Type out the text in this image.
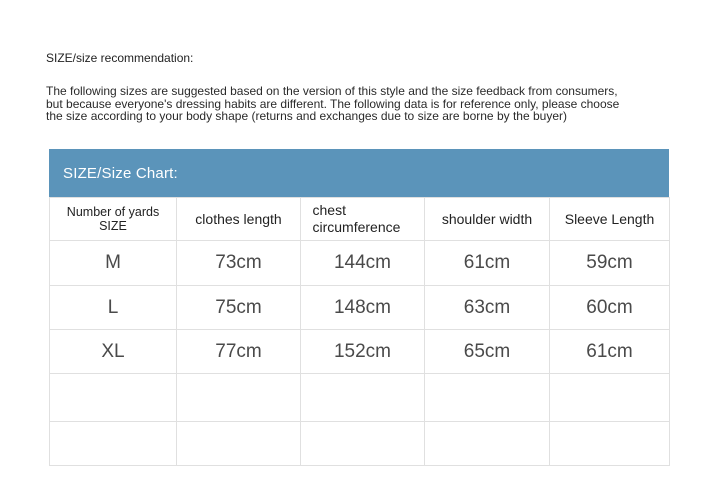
SIZE/size recommendation:
The following sizes are suggested based on the version of this style and the size feedback from consumers,
but because everyone's dressing habits are different. The following data is for reference only, please choose
the size according to your body shape (returns and exchanges due to size are borne by the buyer)
SIZE/Size Chart:
Number of yards SIZE	clothes length	chest circumference	shoulder width	Sleeve Length
M	73cm	144cm	61cm	59cm
L	75cm	148cm	63cm	60cm
XL	77cm	152cm	65cm	61cm
